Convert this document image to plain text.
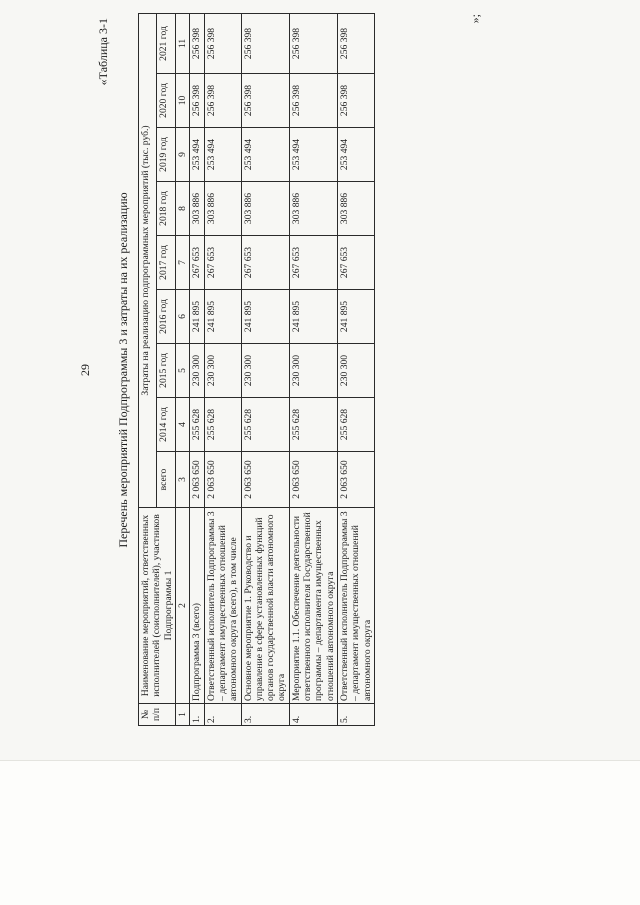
29
«Таблица 3-1
Перечень мероприятий Подпрограммы 3 и затраты на их реализацию
№ п/п	Наименование мероприятий, ответственных исполнителей (соисполнителей), участников Подпрограммы 1	Затраты на реализацию подпрограммных мероприятий (тыс. руб.)								
		всего	2014 год	2015 год	2016 год	2017 год	2018 год	2019 год	2020 год	2021 год
1	2	3	4	5	6	7	8	9	10	11
1.	Подпрограмма 3 (всего)	2 063 650	255 628	230 300	241 895	267 653	303 886	253 494	256 398	256 398
2.	Ответственный исполнитель Подпрограммы 3 – департамент имущественных отношений автономного округа (всего), в том числе	2 063 650	255 628	230 300	241 895	267 653	303 886	253 494	256 398	256 398
3.	Основное мероприятие 1. Руководство и управление в сфере установленных функций органов государственной власти автономного округа	2 063 650	255 628	230 300	241 895	267 653	303 886	253 494	256 398	256 398
4.	Мероприятие 1.1. Обеспечение деятельности ответственного исполнителя Государственной программы – департамента имущественных отношений автономного округа	2 063 650	255 628	230 300	241 895	267 653	303 886	253 494	256 398	256 398
5.	Ответственный исполнитель Подпрограммы 3 – департамент имущественных отношений автономного округа	2 063 650	255 628	230 300	241 895	267 653	303 886	253 494	256 398	256 398
»;
